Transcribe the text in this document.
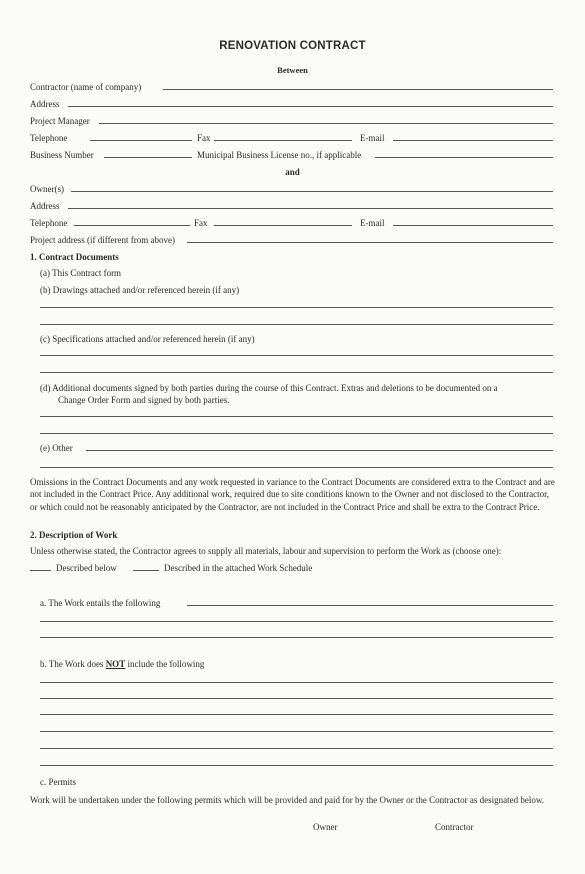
RENOVATION CONTRACT
Between
Contractor (name of company)
Address
Project Manager
Telephone	Fax	E-mail
Business Number	Municipal Business License no., if applicable
and
Owner(s)
Address
Telephone	Fax	E-mail
Project address (if different from above)
1. Contract Documents
(a) This Contract form
(b) Drawings attached and/or referenced herein (if any)
(c) Specifications attached and/or referenced herein (if any)
(d) Additional documents signed by both parties during the course of this Contract. Extras and deletions to be documented on a
Change Order Form and signed by both parties.
(e) Other
Omissions in the Contract Documents and any work requested in variance to the Contract Documents are considered extra to the Contract and are not included in the Contract Price. Any additional work, required due to site conditions known to the Owner and not disclosed to the Contractor, or which could not be reasonably anticipated by the Contractor, are not included in the Contract Price and shall be extra to the Contract Price.
2. Description of Work
Unless otherwise stated, the Contractor agrees to supply all materials, labour and supervision to perform the Work as (choose one):
Described below	Described in the attached Work Schedule
a. The Work entails the following
b. The Work does NOT include the following
c. Permits
Work will be undertaken under the following permits which will be provided and paid for by the Owner or the Contractor as designated below.
Owner	Contractor
